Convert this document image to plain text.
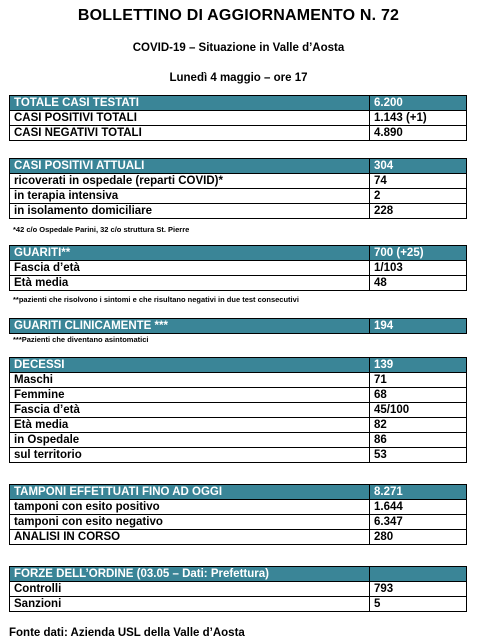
BOLLETTINO DI AGGIORNAMENTO N. 72
COVID-19 – Situazione in Valle d’Aosta
Lunedì 4 maggio – ore 17
TOTALE CASI TESTATI	6.200
CASI POSITIVI TOTALI	1.143 (+1)
CASI NEGATIVI TOTALI	4.890
CASI POSITIVI ATTUALI	304
ricoverati in ospedale (reparti COVID)*	74
in terapia intensiva	2
in isolamento domiciliare	228
*42 c/o Ospedale Parini, 32 c/o struttura St. Pierre
GUARITI**	700 (+25)
Fascia d’età	1/103
Età media	48
**pazienti che risolvono i sintomi e che risultano negativi in due test consecutivi
GUARITI CLINICAMENTE ***	194
***Pazienti che diventano asintomatici
DECESSI	139
Maschi	71
Femmine	68
Fascia d’età	45/100
Età media	82
in Ospedale	86
sul territorio	53
TAMPONI EFFETTUATI FINO AD OGGI	8.271
tamponi con esito positivo	1.644
tamponi con esito negativo	6.347
ANALISI IN CORSO	280
FORZE DELL’ORDINE (03.05 – Dati: Prefettura)	
Controlli	793
Sanzioni	5
Fonte dati: Azienda USL della Valle d’Aosta
